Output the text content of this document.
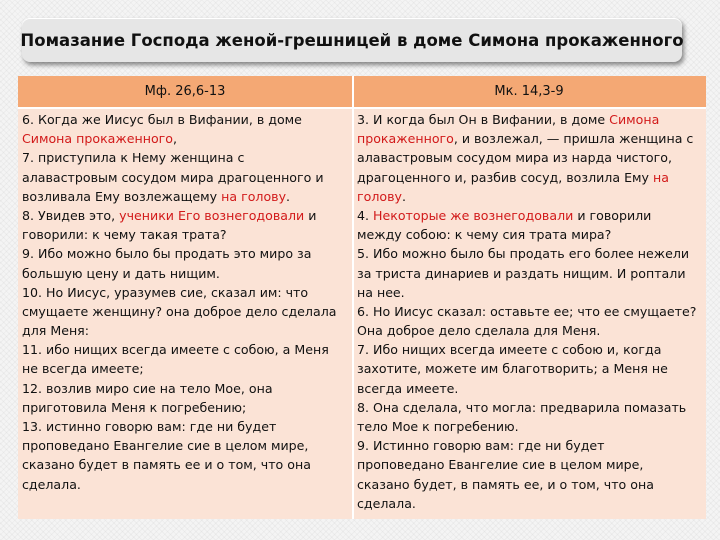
Помазание Господа женой-грешницей в доме Симона прокаженного
Мф. 26,6-13	Мк. 14,3-9
6. Когда же Иисус был в Вифании, в доме
Симона прокаженного,
7. приступила к Нему женщина с
алавастровым сосудом мира драгоценного и
возливала Ему возлежащему на голову.
8. Увидев это, ученики Его вознегодовали и
говорили: к чему такая трата?
9. Ибо можно было бы продать это миро за
большую цену и дать нищим.
10. Но Иисус, уразумев сие, сказал им: что
смущаете женщину? она доброе дело сделала
для Меня:
11. ибо нищих всегда имеете с собою, а Меня
не всегда имеете;
12. возлив миро сие на тело Мое, она
приготовила Меня к погребению;
13. истинно говорю вам: где ни будет
проповедано Евангелие сие в целом мире,
сказано будет в память ее и о том, что она
сделала.
3. И когда был Он в Вифании, в доме Симона
прокаженного, и возлежал, — пришла женщина с
алавастровым сосудом мира из нарда чистого,
драгоценного и, разбив сосуд, возлила Ему на
голову.
4. Некоторые же вознегодовали и говорили
между собою: к чему сия трата мира?
5. Ибо можно было бы продать его более нежели
за триста динариев и раздать нищим. И роптали
на нее.
6. Но Иисус сказал: оставьте ее; что ее смущаете?
Она доброе дело сделала для Меня.
7. Ибо нищих всегда имеете с собою и, когда
захотите, можете им благотворить; а Меня не
всегда имеете.
8. Она сделала, что могла: предварила помазать
тело Мое к погребению.
9. Истинно говорю вам: где ни будет
проповедано Евангелие сие в целом мире,
сказано будет, в память ее, и о том, что она
сделала.
